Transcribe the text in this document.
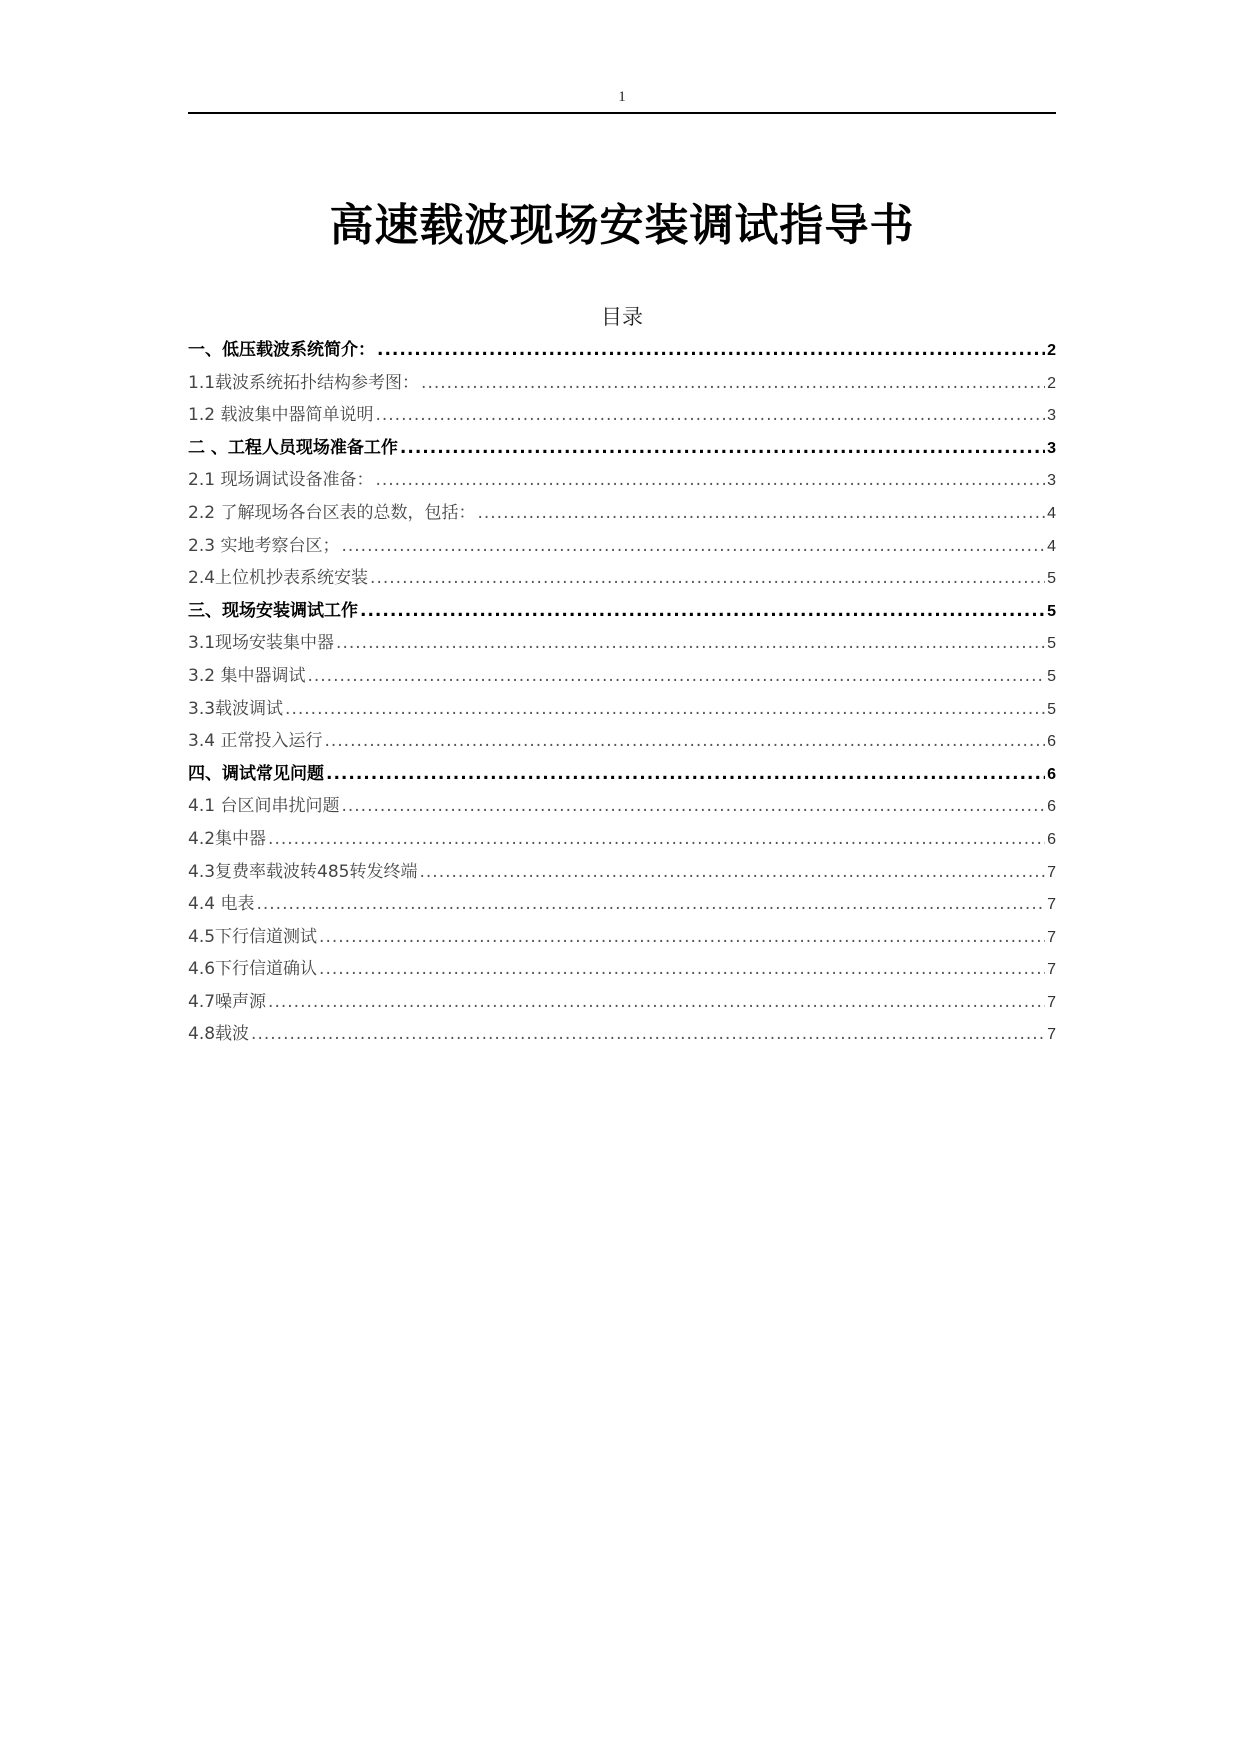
1
高速载波现场安装调试指导书
目录
一、低压载波系统简介： .....	2
1.1载波系统拓扑结构参考图： .....	2
1.2 载波集中器简单说明 .....	3
二 、工程人员现场准备工作 .....	3
2.1 现场调试设备准备： .....	3
2.2 了解现场各台区表的总数，包括： .....	4
2.3 实地考察台区； .....	4
2.4上位机抄表系统安装 .....	5
三、现场安装调试工作 .....	5
3.1现场安装集中器 .....	5
3.2 集中器调试 .....	5
3.3载波调试 .....	5
3.4 正常投入运行 .....	6
四、调试常见问题 .....	6
4.1 台区间串扰问题 .....	6
4.2集中器 .....	6
4.3复费率载波转485转发终端 .....	7
4.4 电表 .....	7
4.5下行信道测试 .....	7
4.6下行信道确认 .....	7
4.7噪声源 .....	7
4.8载波 .....	7
